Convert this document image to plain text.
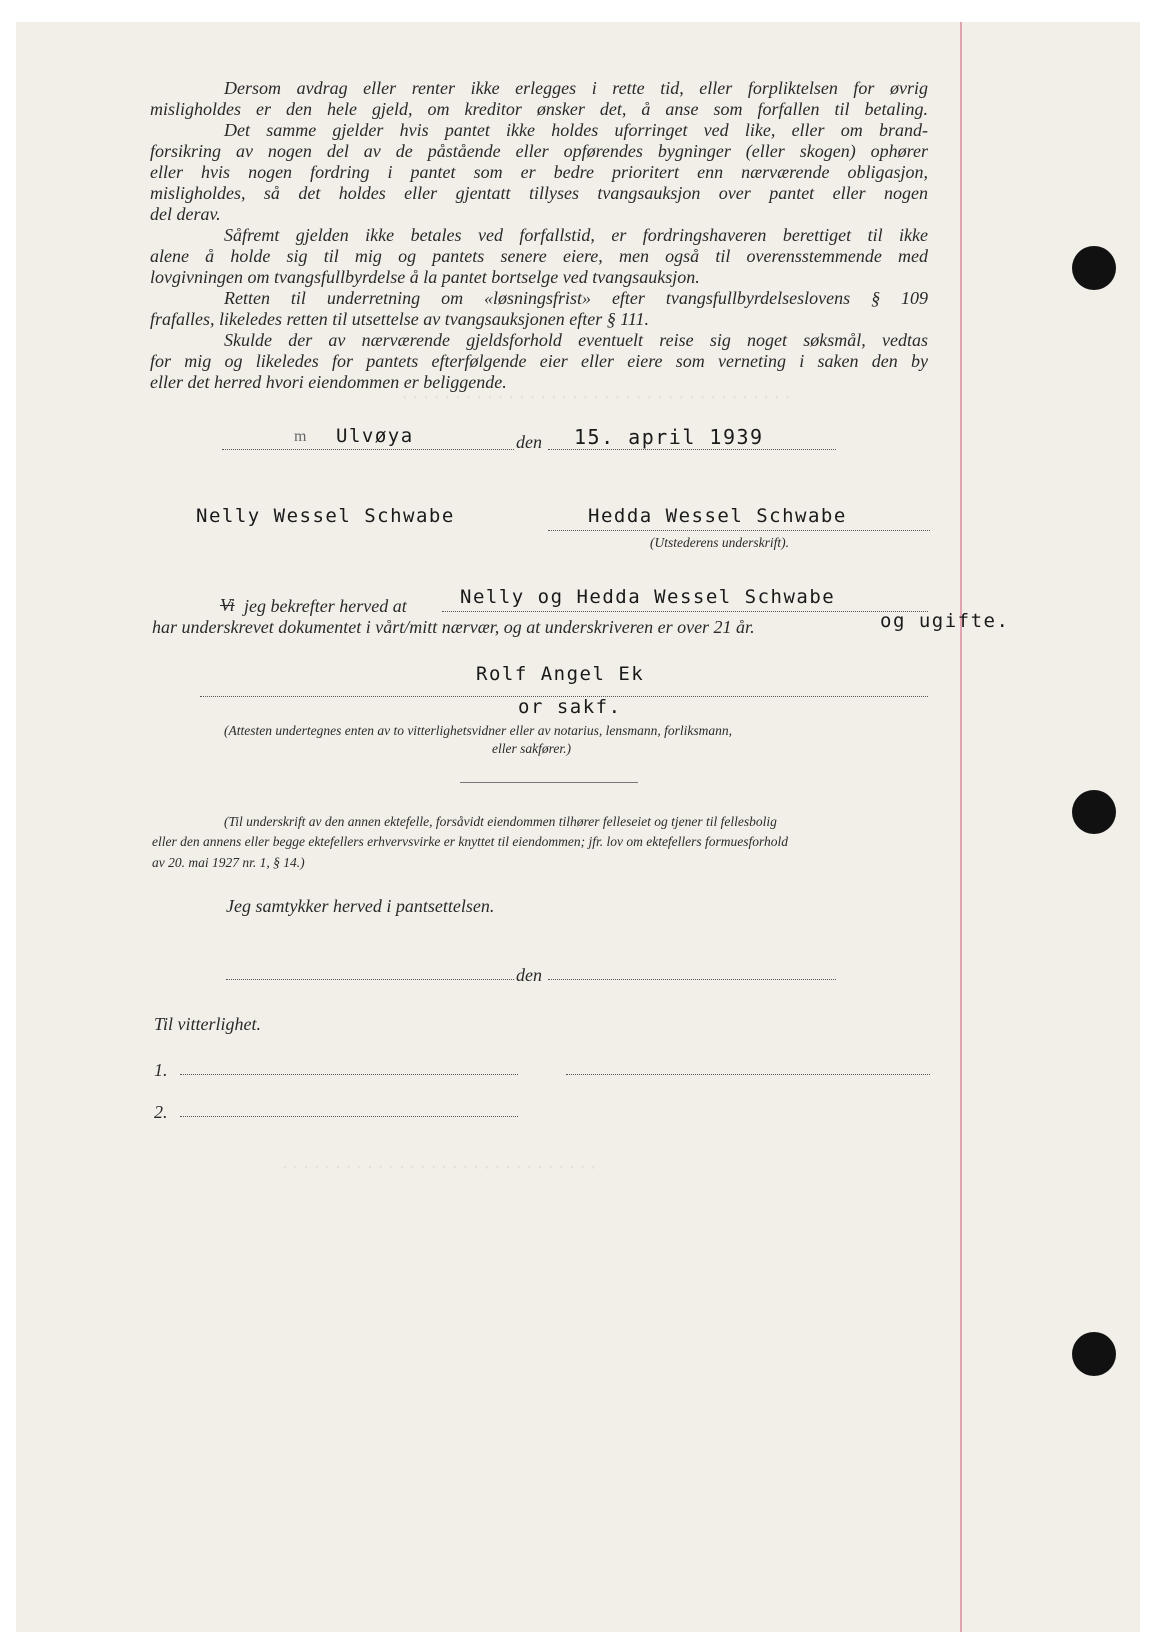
·····································
······························
Dersom avdrag eller renter ikke erlegges i rette tid, eller forpliktelsen for øvrig
misligholdes er den hele gjeld, om kreditor ønsker det, å anse som forfallen til betaling.
Det samme gjelder hvis pantet ikke holdes uforringet ved like, eller om brand-
forsikring av nogen del av de påstående eller opførendes bygninger (eller skogen) ophører
eller hvis nogen fordring i pantet som er bedre prioritert enn nærværende obligasjon,
misligholdes, så det holdes eller gjentatt tillyses tvangsauksjon over pantet eller nogen
del derav.
Såfremt gjelden ikke betales ved forfallstid, er fordringshaveren berettiget til ikke
alene å holde sig til mig og pantets senere eiere, men også til overensstemmende med
lovgivningen om tvangsfullbyrdelse å la pantet bortselge ved tvangsauksjon.
Retten til underretning om «løsningsfrist» efter tvangsfullbyrdelseslovens § 109
frafalles, likeledes retten til utsettelse av tvangsauksjonen efter § 111.
Skulde der av nærværende gjeldsforhold eventuelt reise sig noget søksmål, vedtas
for mig og likeledes for pantets efterfølgende eier eller eiere som verneting i saken den by
eller det herred hvori eiendommen er beliggende.
m Ulvøya	den 15. april 1939
Nelly Wessel Schwabe	Hedda Wessel Schwabe
(Utstederens underskrift).
Vi jeg bekrefter herved at	Nelly og Hedda Wessel Schwabe
har underskrevet dokumentet i vårt/mitt nærvær, og at underskriveren er over 21 år.	og ugifte.
Rolf Angel Ek
or sakf.
(Attesten undertegnes enten av to vitterlighetsvidner eller av notarius, lensmann, forliksmann,
eller sakfører.)
(Til underskrift av den annen ektefelle, forsåvidt eiendommen tilhører felleseiet og tjener til fellesbolig
eller den annens eller begge ektefellers erhvervsvirke er knyttet til eiendommen; jfr. lov om ektefellers formuesforhold
av 20. mai 1927 nr. 1, § 14.)
Jeg samtykker herved i pantsettelsen.
den
Til vitterlighet.
1.
2.
